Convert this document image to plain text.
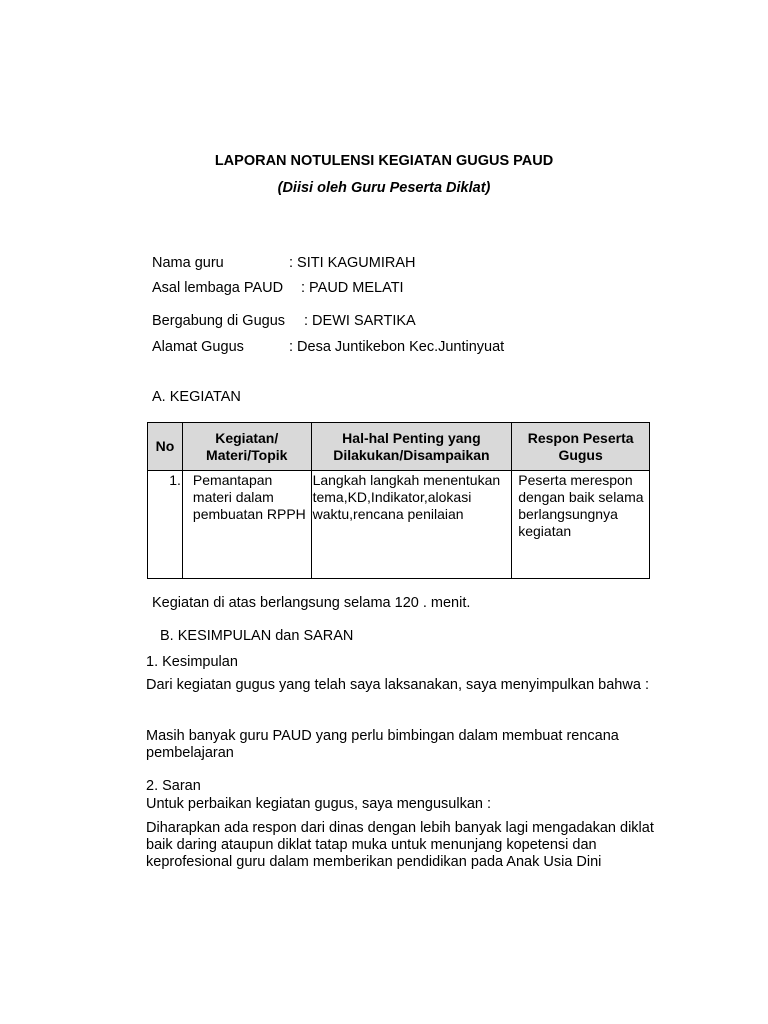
LAPORAN NOTULENSI KEGIATAN GUGUS PAUD
(Diisi oleh Guru Peserta Diklat)
Nama guru	: SITI KAGUMIRAH
Asal lembaga PAUD : PAUD MELATI
Bergabung di Gugus : DEWI SARTIKA
Alamat Gugus	: Desa Juntikebon Kec.Juntinyuat
A. KEGIATAN
No	Kegiatan/ Materi/Topik	Hal-hal Penting yang Dilakukan/Disampaikan	Respon Peserta Gugus
1.	Pemantapan materi dalam pembuatan RPPH	Langkah langkah menentukan tema,KD,Indikator,alokasi waktu,rencana penilaian	Peserta merespon dengan baik selama berlangsungnya kegiatan
Kegiatan di atas berlangsung selama 120 . menit.
B. KESIMPULAN dan SARAN
1. Kesimpulan
Dari kegiatan gugus yang telah saya laksanakan, saya menyimpulkan bahwa :
Masih banyak guru PAUD yang perlu bimbingan dalam membuat rencana pembelajaran
2. Saran
Untuk perbaikan kegiatan gugus, saya mengusulkan :
Diharapkan ada respon dari dinas dengan lebih banyak lagi mengadakan diklat baik daring ataupun diklat tatap muka untuk menunjang kopetensi dan keprofesional guru dalam memberikan pendidikan pada Anak Usia Dini
